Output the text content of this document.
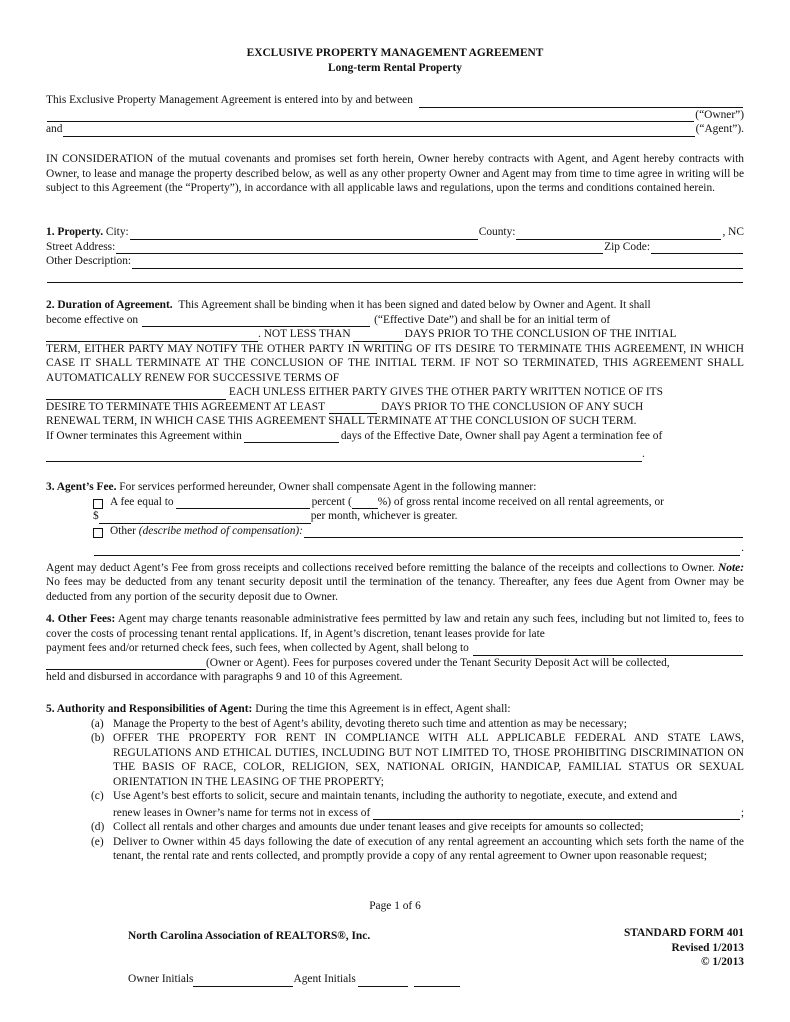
EXCLUSIVE PROPERTY MANAGEMENT AGREEMENT
Long-term Rental Property
This Exclusive Property Management Agreement is entered into by and between
(“Owner”)
and	(“Agent”).
IN CONSIDERATION of the mutual covenants and promises set forth herein, Owner hereby contracts with Agent, and Agent hereby contracts with Owner, to lease and manage the property described below, as well as any other property Owner and Agent may from time to time agree in writing will be subject to this Agreement (the “Property”), in accordance with all applicable laws and regulations, upon the terms and conditions contained herein.
1. Property.
City:	County:	, NC
Street Address:	Zip Code:
Other Description:
2. Duration of Agreement.
This Agreement shall be binding when it has been signed and dated below by Owner and Agent. It shall
become effective on	(“Effective Date”) and shall be for an initial term of
. NOT LESS THAN	DAYS PRIOR TO THE CONCLUSION OF THE INITIAL
TERM, EITHER PARTY MAY NOTIFY THE OTHER PARTY IN WRITING OF ITS DESIRE TO TERMINATE THIS AGREEMENT, IN WHICH CASE IT SHALL TERMINATE AT THE CONCLUSION OF THE INITIAL TERM. IF NOT SO TERMINATED, THIS AGREEMENT SHALL AUTOMATICALLY RENEW FOR SUCCESSIVE TERMS OF

EACH UNLESS EITHER PARTY GIVES THE OTHER PARTY WRITTEN NOTICE OF ITS
DESIRE TO TERMINATE THIS AGREEMENT AT LEAST	DAYS PRIOR TO THE CONCLUSION OF ANY SUCH
RENEWAL TERM, IN WHICH CASE THIS AGREEMENT SHALL TERMINATE AT THE CONCLUSION OF SUCH TERM.
If Owner terminates this Agreement within	days of the Effective Date, Owner shall pay Agent a termination fee of
.
3. Agent’s Fee.
For services performed hereunder, Owner shall compensate Agent in the following manner:
A fee equal to	percent ( %) of gross rental income received on all rental agreements, or
$	per month, whichever is greater.
Other
(describe method of compensation):
.
Agent may deduct Agent’s Fee from gross receipts and collections received before remitting the balance of the receipts and collections to Owner. Note: No fees may be deducted from any tenant security deposit until the termination of the tenancy. Thereafter, any fees due Agent from Owner may be deducted from any portion of the security deposit due to Owner.
4. Other Fees: Agent may charge tenants reasonable administrative fees permitted by law and retain any such fees, including but not limited to, fees to cover the costs of processing tenant rental applications. If, in Agent’s discretion, tenant leases provide for late
payment fees and/or returned check fees, such fees, when collected by Agent, shall belong to
(Owner or Agent). Fees for purposes covered under the Tenant Security Deposit Act will be collected,
held and disbursed in accordance with paragraphs 9 and 10 of this Agreement.
5. Authority and Responsibilities of Agent:
During the time this Agreement is in effect, Agent shall:
(a) Manage the Property to the best of Agent’s ability, devoting thereto such time and attention as may be necessary;
(b) OFFER THE PROPERTY FOR RENT IN COMPLIANCE WITH ALL APPLICABLE FEDERAL AND STATE LAWS, REGULATIONS AND ETHICAL DUTIES, INCLUDING BUT NOT LIMITED TO, THOSE PROHIBITING DISCRIMINATION ON THE BASIS OF RACE, COLOR, RELIGION, SEX, NATIONAL ORIGIN, HANDICAP, FAMILIAL STATUS OR SEXUAL ORIENTATION IN THE LEASING OF THE PROPERTY;
(c) Use Agent’s best efforts to solicit, secure and maintain tenants, including the authority to negotiate, execute, and extend and
renew leases in Owner’s name for terms not in excess of	;
(d) Collect all rentals and other charges and amounts due under tenant leases and give receipts for amounts so collected;
(e) Deliver to Owner within 45 days following the date of execution of any rental agreement an accounting which sets forth the name of the tenant, the rental rate and rents collected, and promptly provide a copy of any rental agreement to Owner upon reasonable request;
Page 1 of 6
North Carolina Association of REALTORS®, Inc.	STANDARD FORM 401
Revised 1/2013
© 1/2013
Owner Initials	Agent Initials
